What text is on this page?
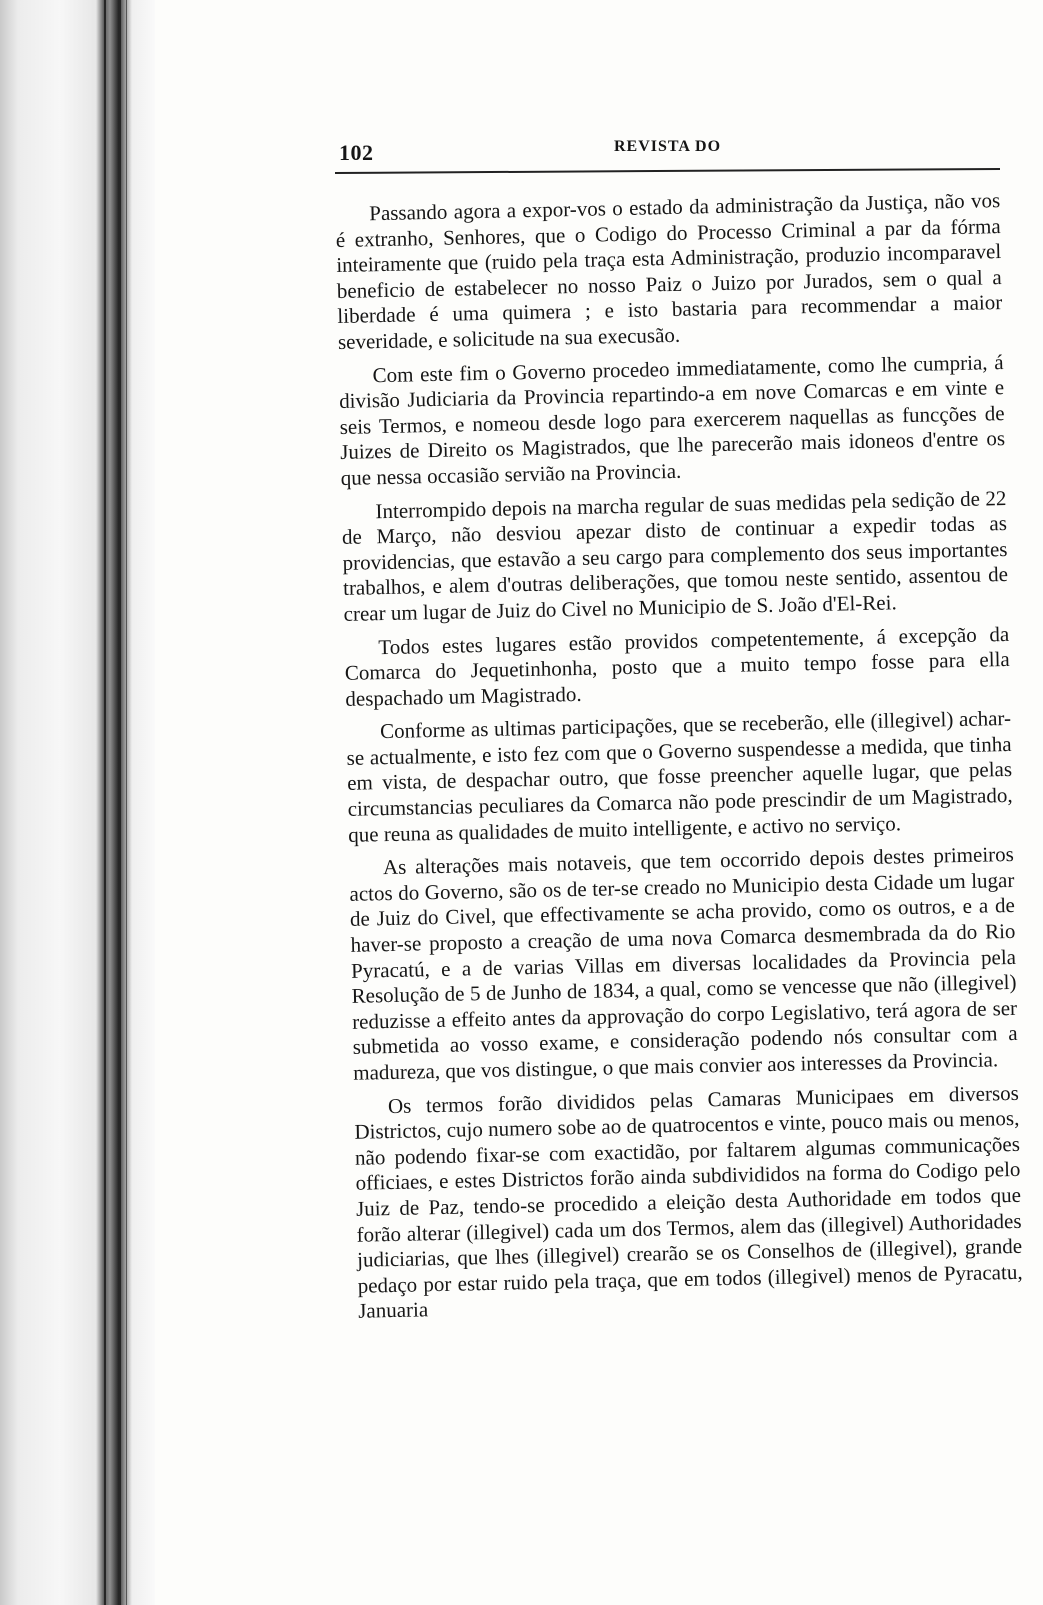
102	REVISTA DO

Passando agora a expor-vos o estado da administração da Justiça, não vos é extranho, Senhores, que o Codigo do Processo Criminal a par da fórma inteiramente que (ruido pela traça esta Administração, produzio incomparavel beneficio de estabelecer no nosso Paiz o Juizo por Jurados, sem o qual a liberdade é uma quimera ; e isto bastaria para recommendar a maior severidade, e solicitude na sua execusão.

Com este fim o Governo procedeo immediatamente, como lhe cumpria, á divisão Judiciaria da Provincia repartindo-a em nove Comarcas e em vinte e seis Termos, e nomeou desde logo para exercerem naquellas as funcções de Juizes de Direito os Magistrados, que lhe parecerão mais idoneos d'entre os que nessa occasião servião na Provincia.

Interrompido depois na marcha regular de suas medidas pela sedição de 22 de Março, não desviou apezar disto de continuar a expedir todas as providencias, que estavão a seu cargo para complemento dos seus importantes trabalhos, e alem d'outras deliberações, que tomou neste sentido, assentou de crear um lugar de Juiz do Civel no Municipio de S. João d'El-Rei.

Todos estes lugares estão providos competentemente, á excepção da Comarca do Jequetinhonha, posto que a muito tempo fosse para ella despachado um Magistrado.

Conforme as ultimas participações, que se receberão, elle (illegivel) achar-se actualmente, e isto fez com que o Governo suspendesse a medida, que tinha em vista, de despachar outro, que fosse preencher aquelle lugar, que pelas circumstancias peculiares da Comarca não pode prescindir de um Magistrado, que reuna as qualidades de muito intelligente, e activo no serviço.

As alterações mais notaveis, que tem occorrido depois destes primeiros actos do Governo, são os de ter-se creado no Municipio desta Cidade um lugar de Juiz do Civel, que effectivamente se acha provido, como os outros, e a de haver-se proposto a creação de uma nova Comarca desmembrada da do Rio Pyracatú, e a de varias Villas em diversas localidades da Provincia pela Resolução de 5 de Junho de 1834, a qual, como se vencesse que não (illegivel) reduzisse a effeito antes da approvação do corpo Legislativo, terá agora de ser submetida ao vosso exame, e consideração podendo nós consultar com a madureza, que vos distingue, o que mais convier aos interesses da Provincia.

Os termos forão divididos pelas Camaras Municipaes em diversos Districtos, cujo numero sobe ao de quatrocentos e vinte, pouco mais ou menos, não podendo fixar-se com exactidão, por faltarem algumas communicações officiaes, e estes Districtos forão ainda subdivididos na forma do Codigo pelo Juiz de Paz, tendo-se procedido a eleição desta Authoridade em todos que forão alterar (illegivel) cada um dos Termos, alem das (illegivel) Authoridades judiciarias, que lhes (illegivel) crearão se os Conselhos de (illegivel), grande pedaço por estar ruido pela traça, que em todos (illegivel) menos de Pyracatu, Januaria
